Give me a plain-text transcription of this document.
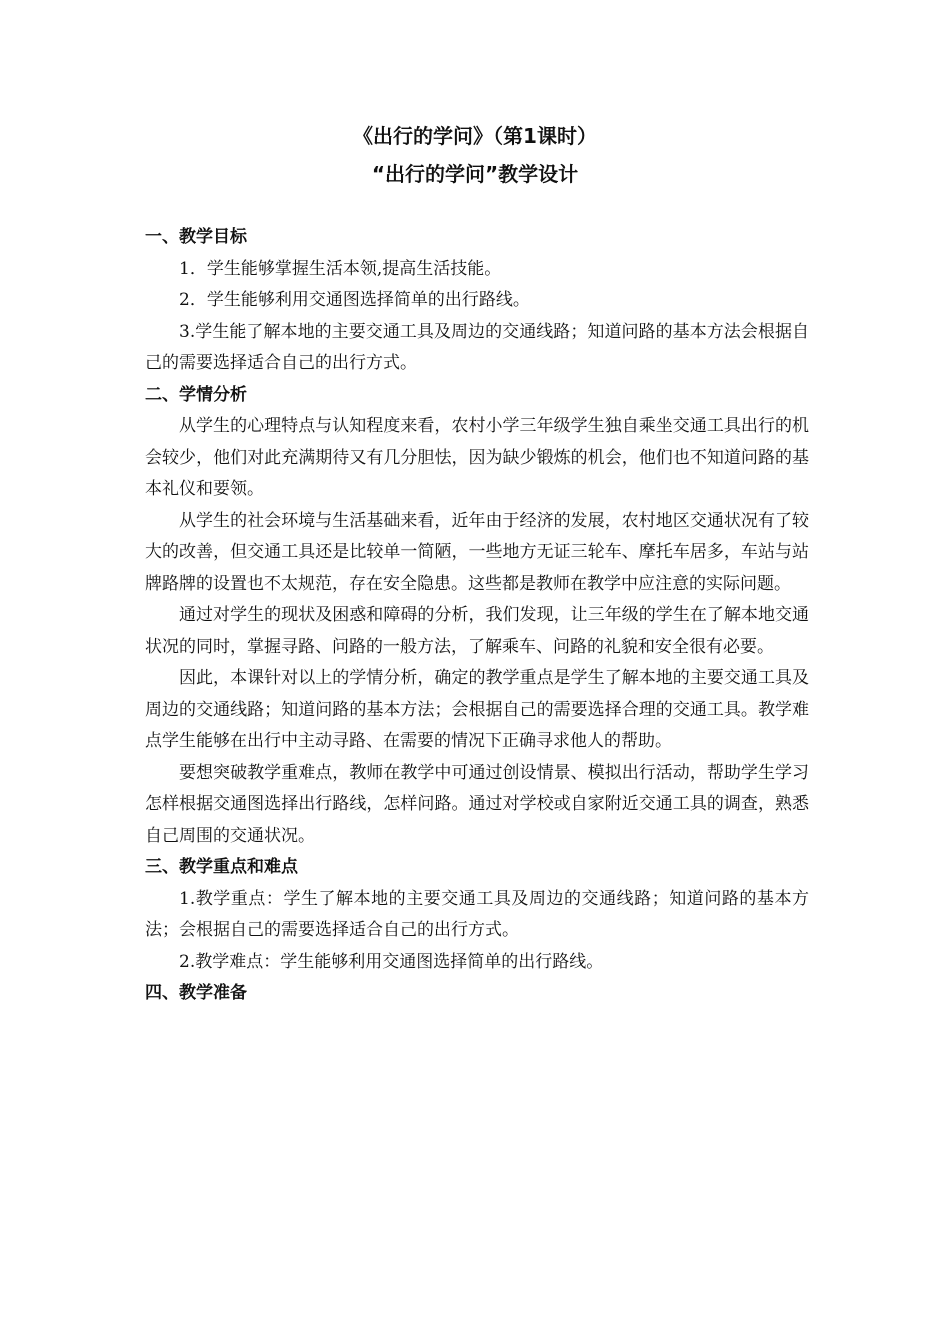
《出行的学问》（第1课时）
“出行的学问”教学设计
一、教学目标

1．学生能够掌握生活本领,提高生活技能。

2．学生能够利用交通图选择简单的出行路线。

3.学生能了解本地的主要交通工具及周边的交通线路；知道问路的基本方法会根据自己的需要选择适合自己的出行方式。

二、学情分析

从学生的心理特点与认知程度来看，农村小学三年级学生独自乘坐交通工具出行的机会较少，他们对此充满期待又有几分胆怯，因为缺少锻炼的机会，他们也不知道问路的基本礼仪和要领。

从学生的社会环境与生活基础来看，近年由于经济的发展，农村地区交通状况有了较大的改善，但交通工具还是比较单一简陋，一些地方无证三轮车、摩托车居多，车站与站牌路牌的设置也不太规范，存在安全隐患。这些都是教师在教学中应注意的实际问题。

通过对学生的现状及困惑和障碍的分析，我们发现，让三年级的学生在了解本地交通状况的同时，掌握寻路、问路的一般方法，了解乘车、问路的礼貌和安全很有必要。

因此，本课针对以上的学情分析，确定的教学重点是学生了解本地的主要交通工具及周边的交通线路；知道问路的基本方法；会根据自己的需要选择合理的交通工具。教学难点学生能够在出行中主动寻路、在需要的情况下正确寻求他人的帮助。

要想突破教学重难点，教师在教学中可通过创设情景、模拟出行活动，帮助学生学习怎样根据交通图选择出行路线，怎样问路。通过对学校或自家附近交通工具的调查，熟悉自己周围的交通状况。

三、教学重点和难点

1.教学重点：学生了解本地的主要交通工具及周边的交通线路；知道问路的基本方法；会根据自己的需要选择适合自己的出行方式。

2.教学难点：学生能够利用交通图选择简单的出行路线。

四、教学准备
